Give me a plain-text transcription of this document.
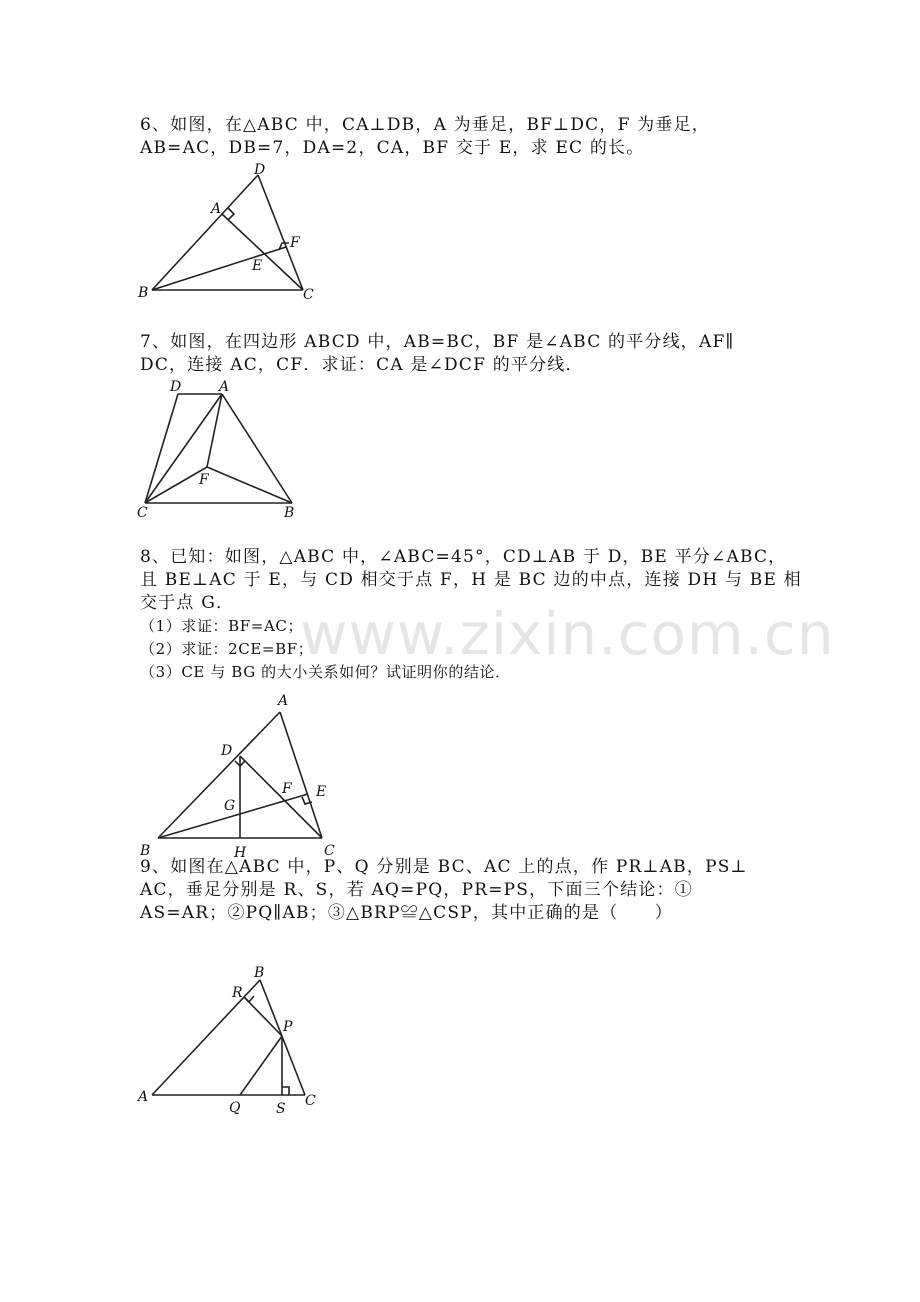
www.zixin.com.cn
6、如图，在△ABC 中，CA⊥DB，A 为垂足，BF⊥DC，F 为垂足，
AB=AC，DB=7，DA=2，CA，BF 交于 E，求 EC 的长。
D
A
F
E
B	C
7、如图，在四边形 ABCD 中，AB=BC，BF 是∠ABC 的平分线，AF∥
DC，连接 AC，CF．求证：CA 是∠DCF 的平分线．
D	A
F
C	B
8、已知：如图，△ABC 中，∠ABC=45°，CD⊥AB 于 D，BE 平分∠ABC，
且 BE⊥AC 于 E，与 CD 相交于点 F，H 是 BC 边的中点，连接 DH 与 BE 相
交于点 G．
（1）求证：BF=AC；
（2）求证：2CE=BF；
（3）CE 与 BG 的大小关系如何？试证明你的结论．
A
D
F E
G
B	H	C
9、如图在△ABC 中，P、Q 分别是 BC、AC 上的点，作 PR⊥AB，PS⊥
AC，垂足分别是 R、S，若 AQ=PQ，PR=PS，下面三个结论：①
AS=AR；②PQ∥AB；③△BRP≌△CSP，其中正确的是（　　）
B
R
P
A
Q	S C
